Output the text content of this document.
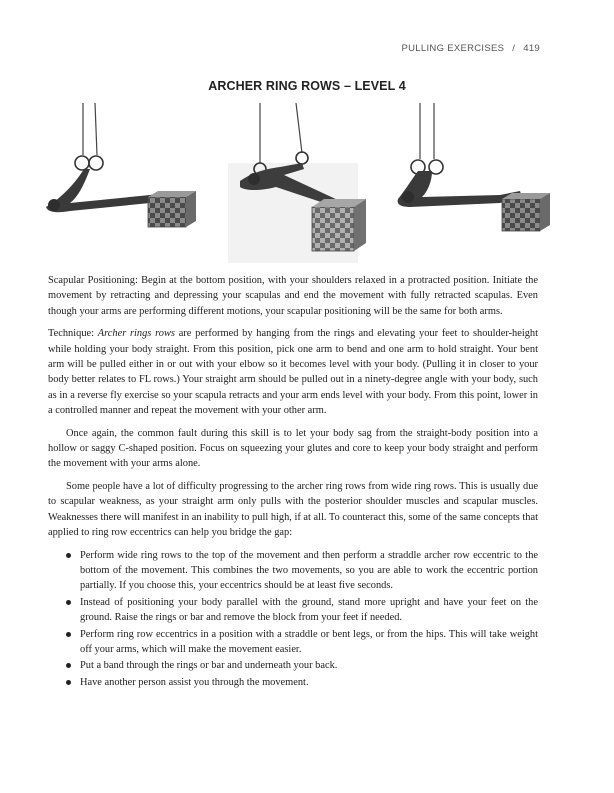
PULLING EXERCISES / 419
ARCHER RING ROWS – LEVEL 4

Scapular Positioning: Begin at the bottom position, with your shoulders relaxed in a protracted position. Initiate the movement by retracting and depressing your scapulas and end the movement with fully retracted scapulas. Even though your arms are performing different motions, your scapular positioning will be the same for both arms.

Technique: Archer rings rows are performed by hanging from the rings and elevating your feet to shoulder-height while holding your body straight. From this position, pick one arm to bend and one arm to hold straight. Your bent arm will be pulled either in or out with your elbow so it becomes level with your body. (Pulling it in closer to your body better relates to FL rows.) Your straight arm should be pulled out in a ninety-degree angle with your body, such as in a reverse fly exercise so your scapula retracts and your arm ends level with your body. From this point, lower in a controlled manner and repeat the movement with your other arm.

Once again, the common fault during this skill is to let your body sag from the straight-body position into a hollow or saggy C-shaped position. Focus on squeezing your glutes and core to keep your body straight and perform the movement with your arms alone.

Some people have a lot of difficulty progressing to the archer ring rows from wide ring rows. This is usually due to scapular weakness, as your straight arm only pulls with the posterior shoulder muscles and scapular muscles. Weaknesses there will manifest in an inability to pull high, if at all. To counteract this, some of the same concepts that applied to ring row eccentrics can help you bridge the gap:

Perform wide ring rows to the top of the movement and then perform a straddle archer row eccentric to the bottom of the movement. This combines the two movements, so you are able to work the eccentric portion partially. If you choose this, your eccentrics should be at least five seconds.
Instead of positioning your body parallel with the ground, stand more upright and have your feet on the ground. Raise the rings or bar and remove the block from your feet if needed.
Perform ring row eccentrics in a position with a straddle or bent legs, or from the hips. This will take weight off your arms, which will make the movement easier.
Put a band through the rings or bar and underneath your back.
Have another person assist you through the movement.
